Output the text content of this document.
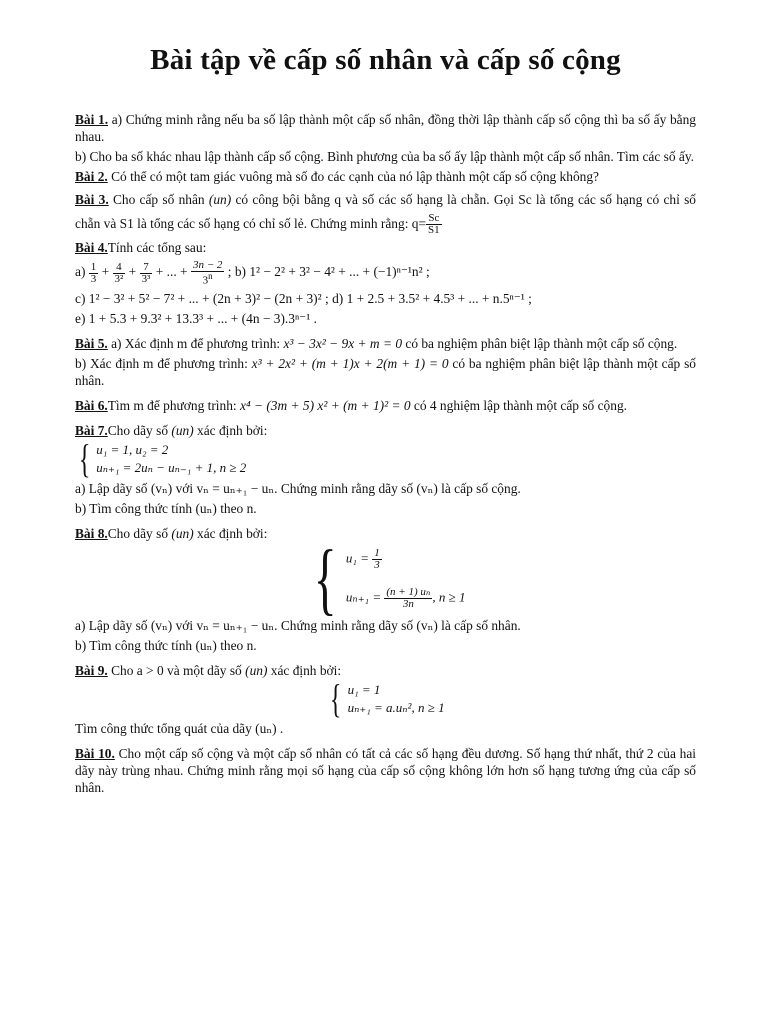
Bài tập về cấp số nhân và cấp số cộng

Bài 1. a) Chứng minh rằng nếu ba số lập thành một cấp số nhân, đồng thời lập thành cấp số cộng thì ba số ấy bằng nhau.

b) Cho ba số khác nhau lập thành cấp số cộng. Bình phương của ba số ấy lập thành một cấp số nhân. Tìm các số ấy.

Bài 2. Có thể có một tam giác vuông mà số đo các cạnh của nó lập thành một cấp số cộng không?

Bài 3. Cho cấp số nhân (un) có công bội bằng q và số các số hạng là chẵn. Gọi Sc là tổng các số hạng có chỉ số chẵn và S1 là tổng các số hạng có chỉ số lẻ. Chứng minh rằng: $q= \frac{Sc}{S1}$

Bài 4.Tính các tổng sau:

$a) \frac{1}{3} + \frac{4}{\text{3²}} + \frac{7}{\text{3³}}$ + ... + $\frac{3n - 2}{3^n}$ ; b) 1² − 2² + 3² − 4² + ... + (−1)ⁿ⁻¹n² ;

c) 1² − 3² + 5² − 7² + ... + (2n + 3)² − (2n + 3)² ; d) 1 + 2.5 + 3.5² + 4.5³ + ... + n.5ⁿ⁻¹ ;

e) 1 + 5.3 + 9.3² + 13.3³ + ... + (4n − 3).3ⁿ⁻¹ .

Bài 5. a) Xác định m để phương trình: x³ − 3x² − 9x + m = 0 có ba nghiệm phân biệt lập thành một cấp số cộng.

b) Xác định m để phương trình: x³ + 2x² + (m + 1)x + 2(m + 1) = 0 có ba nghiệm phân biệt lập thành một cấp số nhân.

Bài 6.Tìm m để phương trình: x⁴ − (3m + 5) x² + (m + 1)² = 0 có 4 nghiệm lập thành một cấp số cộng.

Bài 7.Cho dãy số (un) xác định bởi:

{ u₁ = 1, u₂ = 2
uₙ₊₁ = 2uₙ − uₙ₋₁ + 1, n ≥ 2

a) Lập dãy số (vₙ) với vₙ = uₙ₊₁ − uₙ. Chứng minh rằng dãy số (vₙ) là cấp số cộng.

b) Tìm công thức tính (uₙ) theo n.

Bài 8.Cho dãy số (un) xác định bởi:

{ $u_1 = \frac{1}{3}$
$u_{n+1} = \frac{\text{(n + 1) uₙ}}{3n}$ , n ≥ 1

a) Lập dãy số (vₙ) với vₙ = uₙ₊₁ − uₙ. Chứng minh rằng dãy số (vₙ) là cấp số nhân.

b) Tìm công thức tính (uₙ) theo n.

Bài 9. Cho a > 0 và một dãy số (un) xác định bởi:

{ u₁ = 1
uₙ₊₁ = a.uₙ², n ≥ 1

Tìm công thức tổng quát của dãy (uₙ) .

Bài 10. Cho một cấp số cộng và một cấp số nhân có tất cả các số hạng đều dương. Số hạng thứ nhất, thứ 2 của hai dãy này trùng nhau. Chứng minh rằng mọi số hạng của cấp số cộng không lớn hơn số hạng tương ứng của cấp số nhân.
